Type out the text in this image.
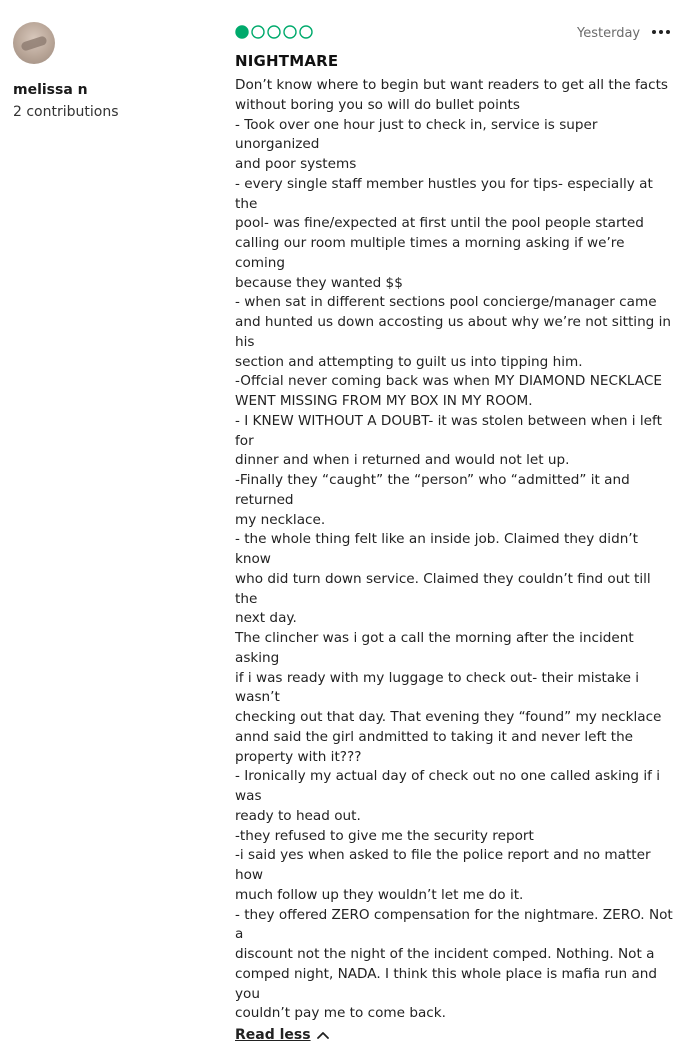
melissa n
2 contributions
Yesterday
NIGHTMARE
Don’t know where to begin but want readers to get all the facts
without boring you so will do bullet points
- Took over one hour just to check in, service is super unorganized
and poor systems
- every single staff member hustles you for tips- especially at the
pool- was fine/expected at first until the pool people started
calling our room multiple times a morning asking if we’re coming
because they wanted $$
- when sat in different sections pool concierge/manager came
and hunted us down accosting us about why we’re not sitting in his
section and attempting to guilt us into tipping him.
-Offcial never coming back was when MY DIAMOND NECKLACE
WENT MISSING FROM MY BOX IN MY ROOM.
- I KNEW WITHOUT A DOUBT- it was stolen between when i left for
dinner and when i returned and would not let up.
-Finally they “caught” the “person” who “admitted” it and returned
my necklace.
- the whole thing felt like an inside job. Claimed they didn’t know
who did turn down service. Claimed they couldn’t find out till the
next day.
The clincher was i got a call the morning after the incident asking
if i was ready with my luggage to check out- their mistake i wasn’t
checking out that day. That evening they “found” my necklace
annd said the girl andmitted to taking it and never left the
property with it???
- Ironically my actual day of check out no one called asking if i was
ready to head out.
-they refused to give me the security report
-i said yes when asked to file the police report and no matter how
much follow up they wouldn’t let me do it.
- they offered ZERO compensation for the nightmare. ZERO. Not a
discount not the night of the incident comped. Nothing. Not a
comped night, NADA. I think this whole place is mafia run and you
couldn’t pay me to come back.
Read less
